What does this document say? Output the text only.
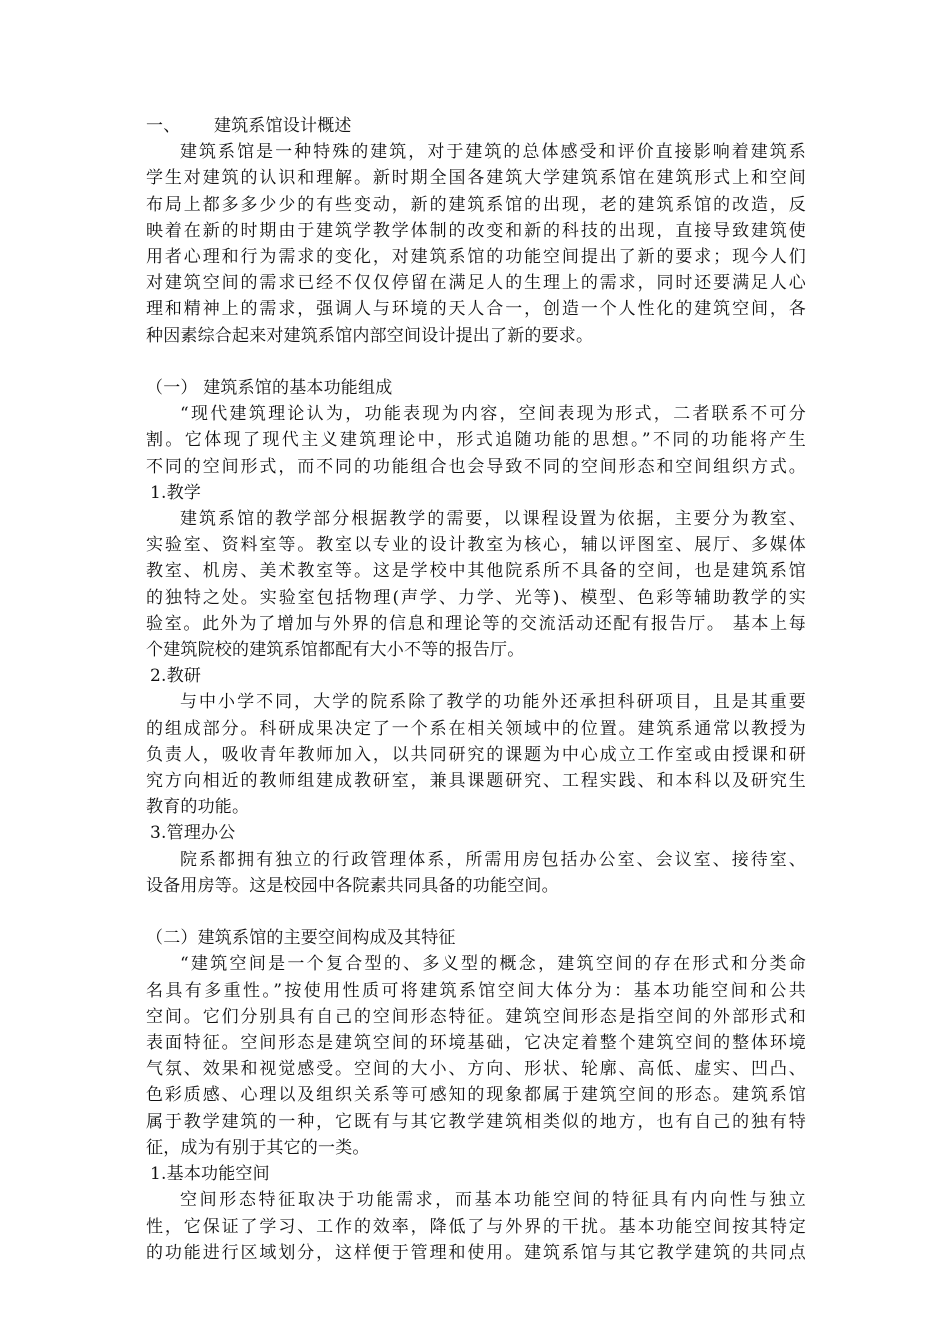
一、 建筑系馆设计概述
建筑系馆是一种特殊的建筑，对于建筑的总体感受和评价直接影响着建筑系
学生对建筑的认识和理解。新时期全国各建筑大学建筑系馆在建筑形式上和空间
布局上都多多少少的有些变动，新的建筑系馆的出现，老的建筑系馆的改造，反
映着在新的时期由于建筑学教学体制的改变和新的科技的出现，直接导致建筑使
用者心理和行为需求的变化，对建筑系馆的功能空间提出了新的要求；现今人们
对建筑空间的需求已经不仅仅停留在满足人的生理上的需求，同时还要满足人心
理和精神上的需求，强调人与环境的天人合一，创造一个人性化的建筑空间，各
种因素综合起来对建筑系馆内部空间设计提出了新的要求。
（一） 建筑系馆的基本功能组成
“现代建筑理论认为，功能表现为内容，空间表现为形式，二者联系不可分
割。它体现了现代主义建筑理论中，形式追随功能的思想。”不同的功能将产生
不同的空间形式，而不同的功能组合也会导致不同的空间形态和空间组织方式。
1.教学
建筑系馆的教学部分根据教学的需要，以课程设置为依据，主要分为教室、
实验室、资料室等。教室以专业的设计教室为核心，辅以评图室、展厅、多媒体
教室、机房、美术教室等。这是学校中其他院系所不具备的空间，也是建筑系馆
的独特之处。实验室包括物理(声学、力学、光等)、模型、色彩等辅助教学的实
验室。此外为了增加与外界的信息和理论等的交流活动还配有报告厅。 基本上每
个建筑院校的建筑系馆都配有大小不等的报告厅。
2.教研
与中小学不同，大学的院系除了教学的功能外还承担科研项目，且是其重要
的组成部分。科研成果决定了一个系在相关领域中的位置。建筑系通常以教授为
负责人，吸收青年教师加入，以共同研究的课题为中心成立工作室或由授课和研
究方向相近的教师组建成教研室，兼具课题研究、工程实践、和本科以及研究生
教育的功能。
3.管理办公
院系都拥有独立的行政管理体系，所需用房包括办公室、会议室、接待室、
设备用房等。这是校园中各院素共同具备的功能空间。
（二）建筑系馆的主要空间构成及其特征
“建筑空间是一个复合型的、多义型的概念，建筑空间的存在形式和分类命
名具有多重性。”按使用性质可将建筑系馆空间大体分为：基本功能空间和公共
空间。它们分别具有自己的空间形态特征。建筑空间形态是指空间的外部形式和
表面特征。空间形态是建筑空间的环境基础，它决定着整个建筑空间的整体环境
气氛、效果和视觉感受。空间的大小、方向、形状、轮廓、高低、虚实、凹凸、
色彩质感、心理以及组织关系等可感知的现象都属于建筑空间的形态。建筑系馆
属于教学建筑的一种，它既有与其它教学建筑相类似的地方，也有自己的独有特
征，成为有别于其它的一类。
1.基本功能空间
空间形态特征取决于功能需求，而基本功能空间的特征具有内向性与独立
性，它保证了学习、工作的效率，降低了与外界的干扰。基本功能空间按其特定
的功能进行区域划分，这样便于管理和使用。建筑系馆与其它教学建筑的共同点
